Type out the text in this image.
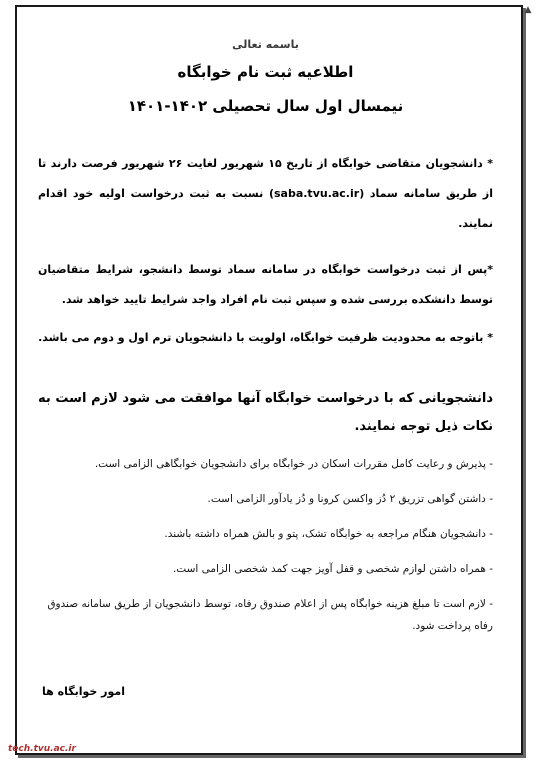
▲
باسمه تعالی
اطلاعیه ثبت نام خوابگاه
نیمسال اول سال تحصیلی ۱۴۰۲-۱۴۰۱

* دانشجویان متقاضی خوابگاه از تاریخ ۱۵ شهریور لغایت ۲۶ شهریور فرصت دارند تا از طریق سامانه سماد (saba.tvu.ac.ir) نسبت به ثبت درخواست اولیه خود اقدام نمایند.

*پس از ثبت درخواست خوابگاه در سامانه سماد توسط دانشجو، شرایط متقاضیان توسط دانشکده بررسی شده و سپس ثبت نام افراد واجد شرایط تایید خواهد شد.

* باتوجه به محدودیت ظرفیت خوابگاه، اولویت با دانشجویان ترم اول و دوم می باشد.

دانشجویانی که با درخواست خوابگاه آنها موافقت می شود لازم است به نکات ذیل توجه نمایند.

- پذیرش و رعایت کامل مقررات اسکان در خوابگاه برای دانشجویان خوابگاهی الزامی است.

- داشتن گواهی تزریق ۲ دُز واکسن کرونا و دُز یادآور الزامی است.

- دانشجویان هنگام مراجعه به خوابگاه تشک، پتو و بالش همراه داشته باشند.

- همراه داشتن لوازم شخصی و قفل آویز جهت کمد شخصی الزامی است.

- لازم است تا مبلغ هزینه خوابگاه پس از اعلام صندوق رفاه، توسط دانشجویان از طریق سامانه صندوق رفاه پرداخت شود.

امور خوابگاه ها
tech.tvu.ac.ir
